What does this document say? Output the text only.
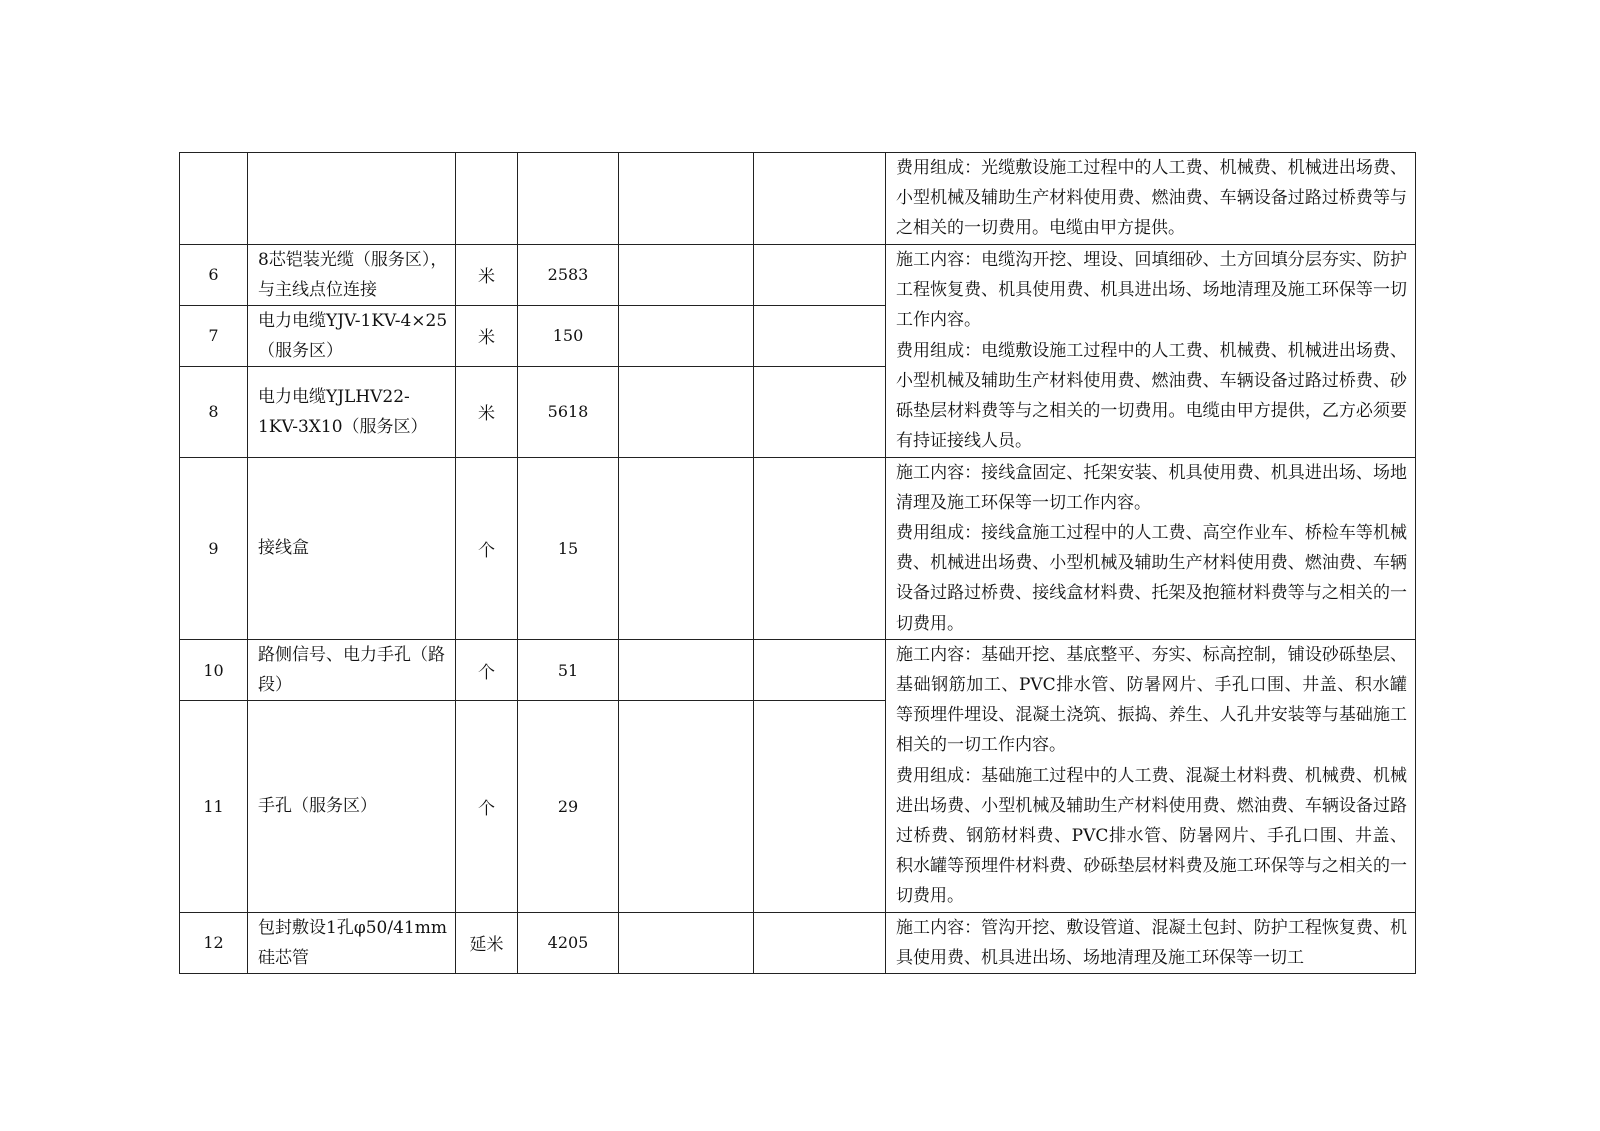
						费用组成：光缆敷设施工过程中的人工费、机械费、机械进出场费、小型机械及辅助生产材料使用费、燃油费、车辆设备过路过桥费等与之相关的一切费用。电缆由甲方提供。

6	8芯铠装光缆（服务区），与主线点位连接	米	2583			施工内容：电缆沟开挖、埋设、回填细砂、土方回填分层夯实、防护工程恢复费、机具使用费、机具进出场、场地清理及施工环保等一切工作内容。

费用组成：电缆敷设施工过程中的人工费、机械费、机械进出场费、小型机械及辅助生产材料使用费、燃油费、车辆设备过路过桥费、砂砾垫层材料费等与之相关的一切费用。电缆由甲方提供，乙方必须要有持证接线人员。

7	电力电缆YJV-1KV-4×25（服务区）	米	150			
8	电力电缆YJLHV22-1KV-3X10（服务区）	米	5618			
9	接线盒	个	15			施工内容：接线盒固定、托架安装、机具使用费、机具进出场、场地清理及施工环保等一切工作内容。

费用组成：接线盒施工过程中的人工费、高空作业车、桥检车等机械费、机械进出场费、小型机械及辅助生产材料使用费、燃油费、车辆设备过路过桥费、接线盒材料费、托架及抱箍材料费等与之相关的一切费用。

10	路侧信号、电力手孔（路段）	个	51			施工内容：基础开挖、基底整平、夯实、标高控制，铺设砂砾垫层、基础钢筋加工、PVC排水管、防暑网片、手孔口围、井盖、积水罐等预埋件埋设、混凝土浇筑、振捣、养生、人孔井安装等与基础施工相关的一切工作内容。

费用组成：基础施工过程中的人工费、混凝土材料费、机械费、机械进出场费、小型机械及辅助生产材料使用费、燃油费、车辆设备过路过桥费、钢筋材料费、PVC排水管、防暑网片、手孔口围、井盖、积水罐等预埋件材料费、砂砾垫层材料费及施工环保等与之相关的一切费用。

11	手孔（服务区）	个	29			
12	包封敷设1孔φ50/41mm硅芯管	延米	4205			施工内容：管沟开挖、敷设管道、混凝土包封、防护工程恢复费、机具使用费、机具进出场、场地清理及施工环保等一切工
